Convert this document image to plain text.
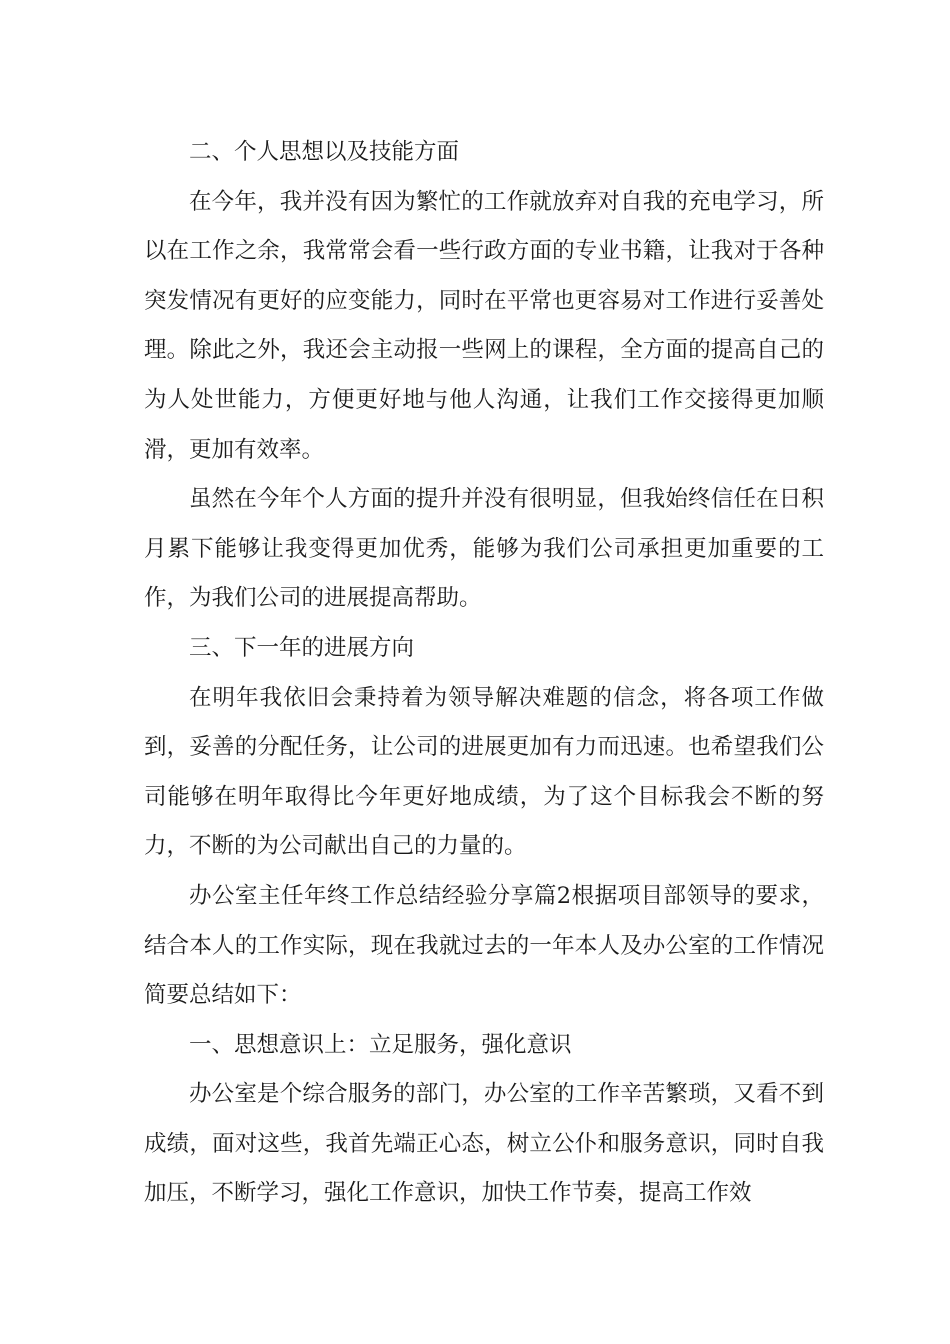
二、个人思想以及技能方面

在今年，我并没有因为繁忙的工作就放弃对自我的充电学习，所以在工作之余，我常常会看一些行政方面的专业书籍，让我对于各种突发情况有更好的应变能力，同时在平常也更容易对工作进行妥善处理。除此之外，我还会主动报一些网上的课程，全方面的提高自己的为人处世能力，方便更好地与他人沟通，让我们工作交接得更加顺滑，更加有效率。

虽然在今年个人方面的提升并没有很明显，但我始终信任在日积月累下能够让我变得更加优秀，能够为我们公司承担更加重要的工作，为我们公司的进展提高帮助。

三、下一年的进展方向

在明年我依旧会秉持着为领导解决难题的信念，将各项工作做到，妥善的分配任务，让公司的进展更加有力而迅速。也希望我们公司能够在明年取得比今年更好地成绩，为了这个目标我会不断的努力，不断的为公司献出自己的力量的。

办公室主任年终工作总结经验分享篇2根据项目部领导的要求，结合本人的工作实际，现在我就过去的一年本人及办公室的工作情况简要总结如下：

一、思想意识上：立足服务，强化意识

办公室是个综合服务的部门，办公室的工作辛苦繁琐，又看不到成绩，面对这些，我首先端正心态，树立公仆和服务意识，同时自我加压，不断学习，强化工作意识，加快工作节奏，提高工作效
